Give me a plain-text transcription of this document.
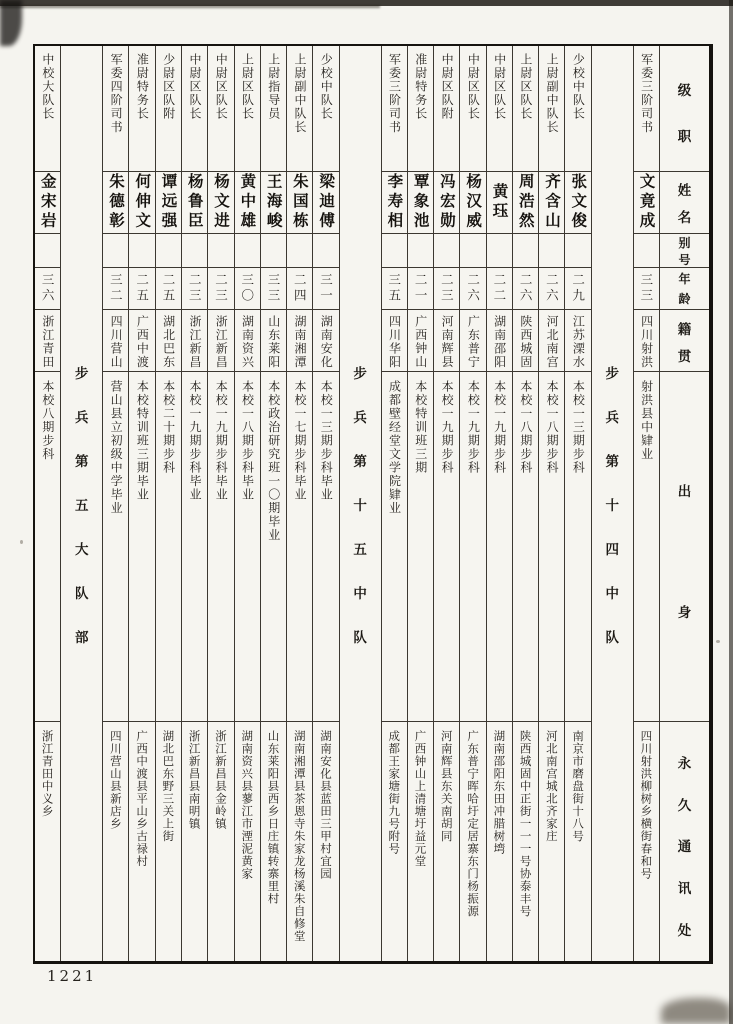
级
职
姓
名
别
号
年
龄
籍
贯
出
身
永
久
通
讯
处
军委三阶司书
文竟成
三三
四川射洪
射洪县中肄业
四川射洪柳树乡横街春和号
步
兵
第
十
四
中
队
少校中队长
张文俊
二九
江苏溧水
本校一三期步科
南京市磨盘街十八号
上尉副中队长
齐含山
二六
河北南宫
本校一八期步科
河北南宫城北齐家庄
上尉区队长
周浩然
二六
陕西城固
本校一八期步科
陕西城固中正街一一一号协泰丰号
中尉区队长
黄珏
二二
湖南邵阳
本校一九期步科
湖南邵阳东田冲腊树塆
中尉区队长
杨汉威
二六
广东普宁
本校一九期步科
广东普宁晖哈圩定居寨东门杨振源
中尉区队附
冯宏勋
二三
河南辉县
本校一九期步科
河南辉县东关南胡同
准尉特务长
覃象池
二一
广西钟山
本校特训班三期
广西钟山上清塘圩益元堂
军委三阶司书
李寿相
三五
四川华阳
成都壁经堂文学院肄业
成都王家塘街九号附号
步
兵
第
十
五
中
队
少校中队长
梁迪傅
三一
湖南安化
本校一三期步科毕业
湖南安化县蓝田三甲村宜园
上尉副中队长
朱国栋
二四
湖南湘潭
本校一七期步科毕业
湖南湘潭县茶恩寺朱家龙杨溪朱自修堂
上尉指导员
王海峻
三三
山东莱阳
本校政治研究班一〇期毕业
山东莱阳县西乡日庄镇转寨里村
上尉区队长
黄中雄
三〇
湖南资兴
本校一八期步科毕业
湖南资兴县蓼江市湮泥黄家
中尉区队长
杨文进
二三
浙江新昌
本校一九期步科毕业
浙江新昌县金岭镇
中尉区队长
杨鲁臣
二三
浙江新昌
本校一九期步科毕业
浙江新昌县南明镇
少尉区队附
谭远强
二五
湖北巴东
本校二十期步科
湖北巴东野三关上街
准尉特务长
何伸文
二五
广西中渡
本校特训班三期毕业
广西中渡县平山乡古禄村
军委四阶司书
朱德彰
三二
四川营山
营山县立初级中学毕业
四川营山县新店乡
步
兵
第
五
大
队
部
中校大队长
金宋岩
三六
浙江青田
本校八期步科
浙江青田中义乡
1221
